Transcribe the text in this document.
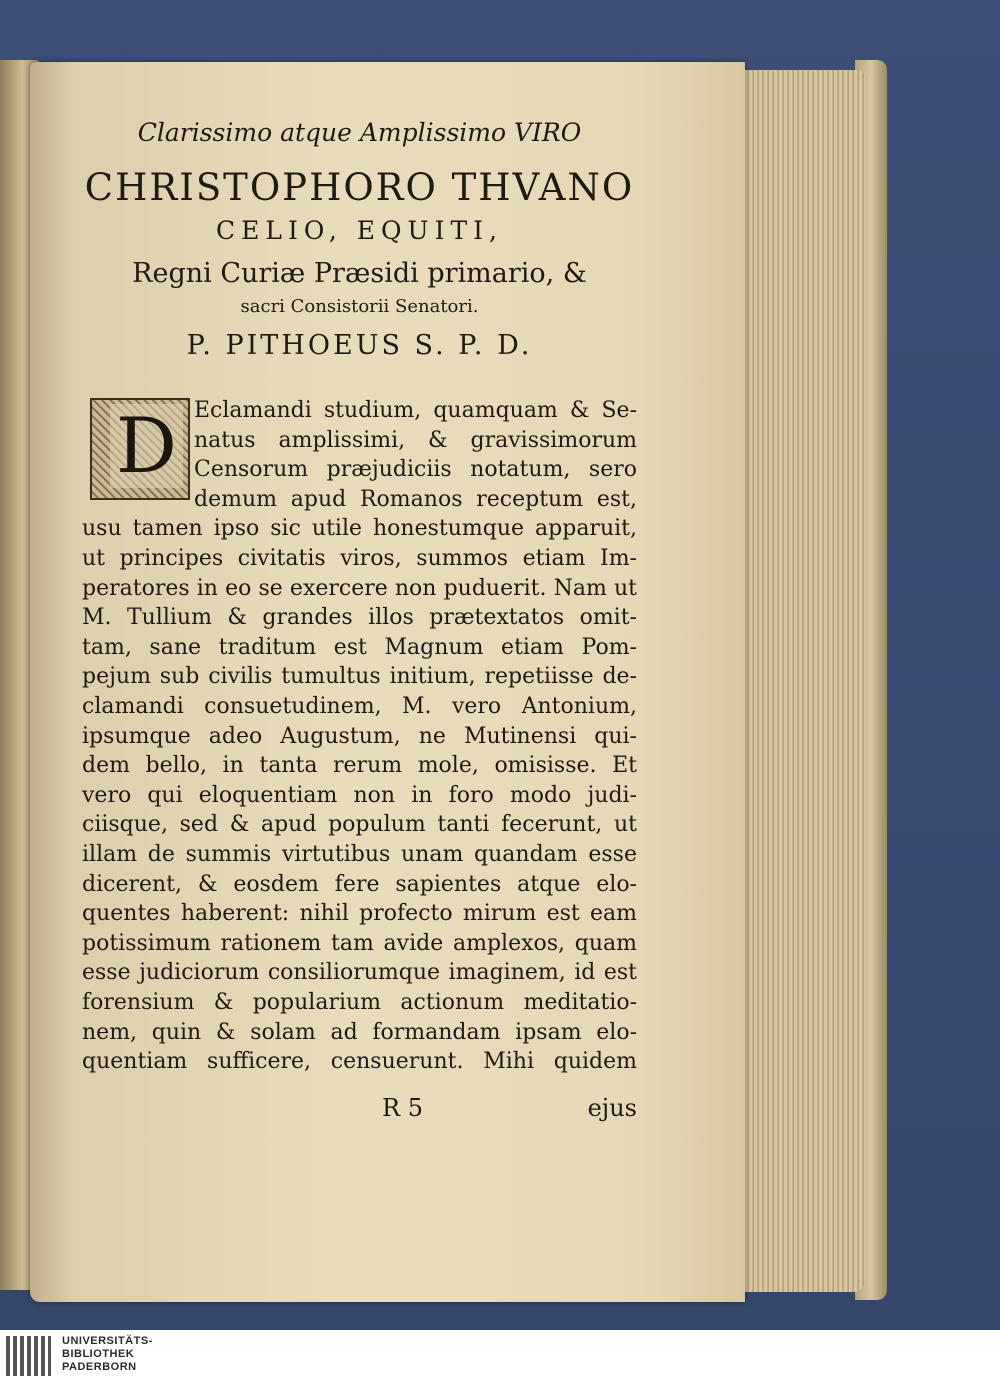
Clarissimo atque Amplissimo VIRO
CHRISTOPHORO THVANO
CELIO, EQUITI,
Regni Curiæ Præsidi primario, &
sacri Consistorii Senatori.
P. PITHOEUS S. P. D.
D Eclamandi studium, quamquam & Se-
natus amplissimi, & gravissimorum
Censorum præjudiciis notatum, sero
demum apud Romanos receptum est,
usu tamen ipso sic utile honestumque apparuit,
ut principes civitatis viros, summos etiam Im-
peratores in eo se exercere non puduerit. Nam ut
M. Tullium & grandes illos prætextatos omit-
tam, sane traditum est Magnum etiam Pom-
pejum sub civilis tumultus initium, repetiisse de-
clamandi consuetudinem, M. vero Antonium,
ipsumque adeo Augustum, ne Mutinensi qui-
dem bello, in tanta rerum mole, omisisse. Et
vero qui eloquentiam non in foro modo judi-
ciisque, sed & apud populum tanti fecerunt, ut
illam de summis virtutibus unam quandam esse
dicerent, & eosdem fere sapientes atque elo-
quentes haberent: nihil profecto mirum est eam
potissimum rationem tam avide amplexos, quam
esse judiciorum consiliorumque imaginem, id est
forensium & popularium actionum meditatio-
nem, quin & solam ad formandam ipsam elo-
quentiam sufficere, censuerunt. Mihi quidem
R 5	ejus
UNIVERSITÄTS-
BIBLIOTHEK
PADERBORN
